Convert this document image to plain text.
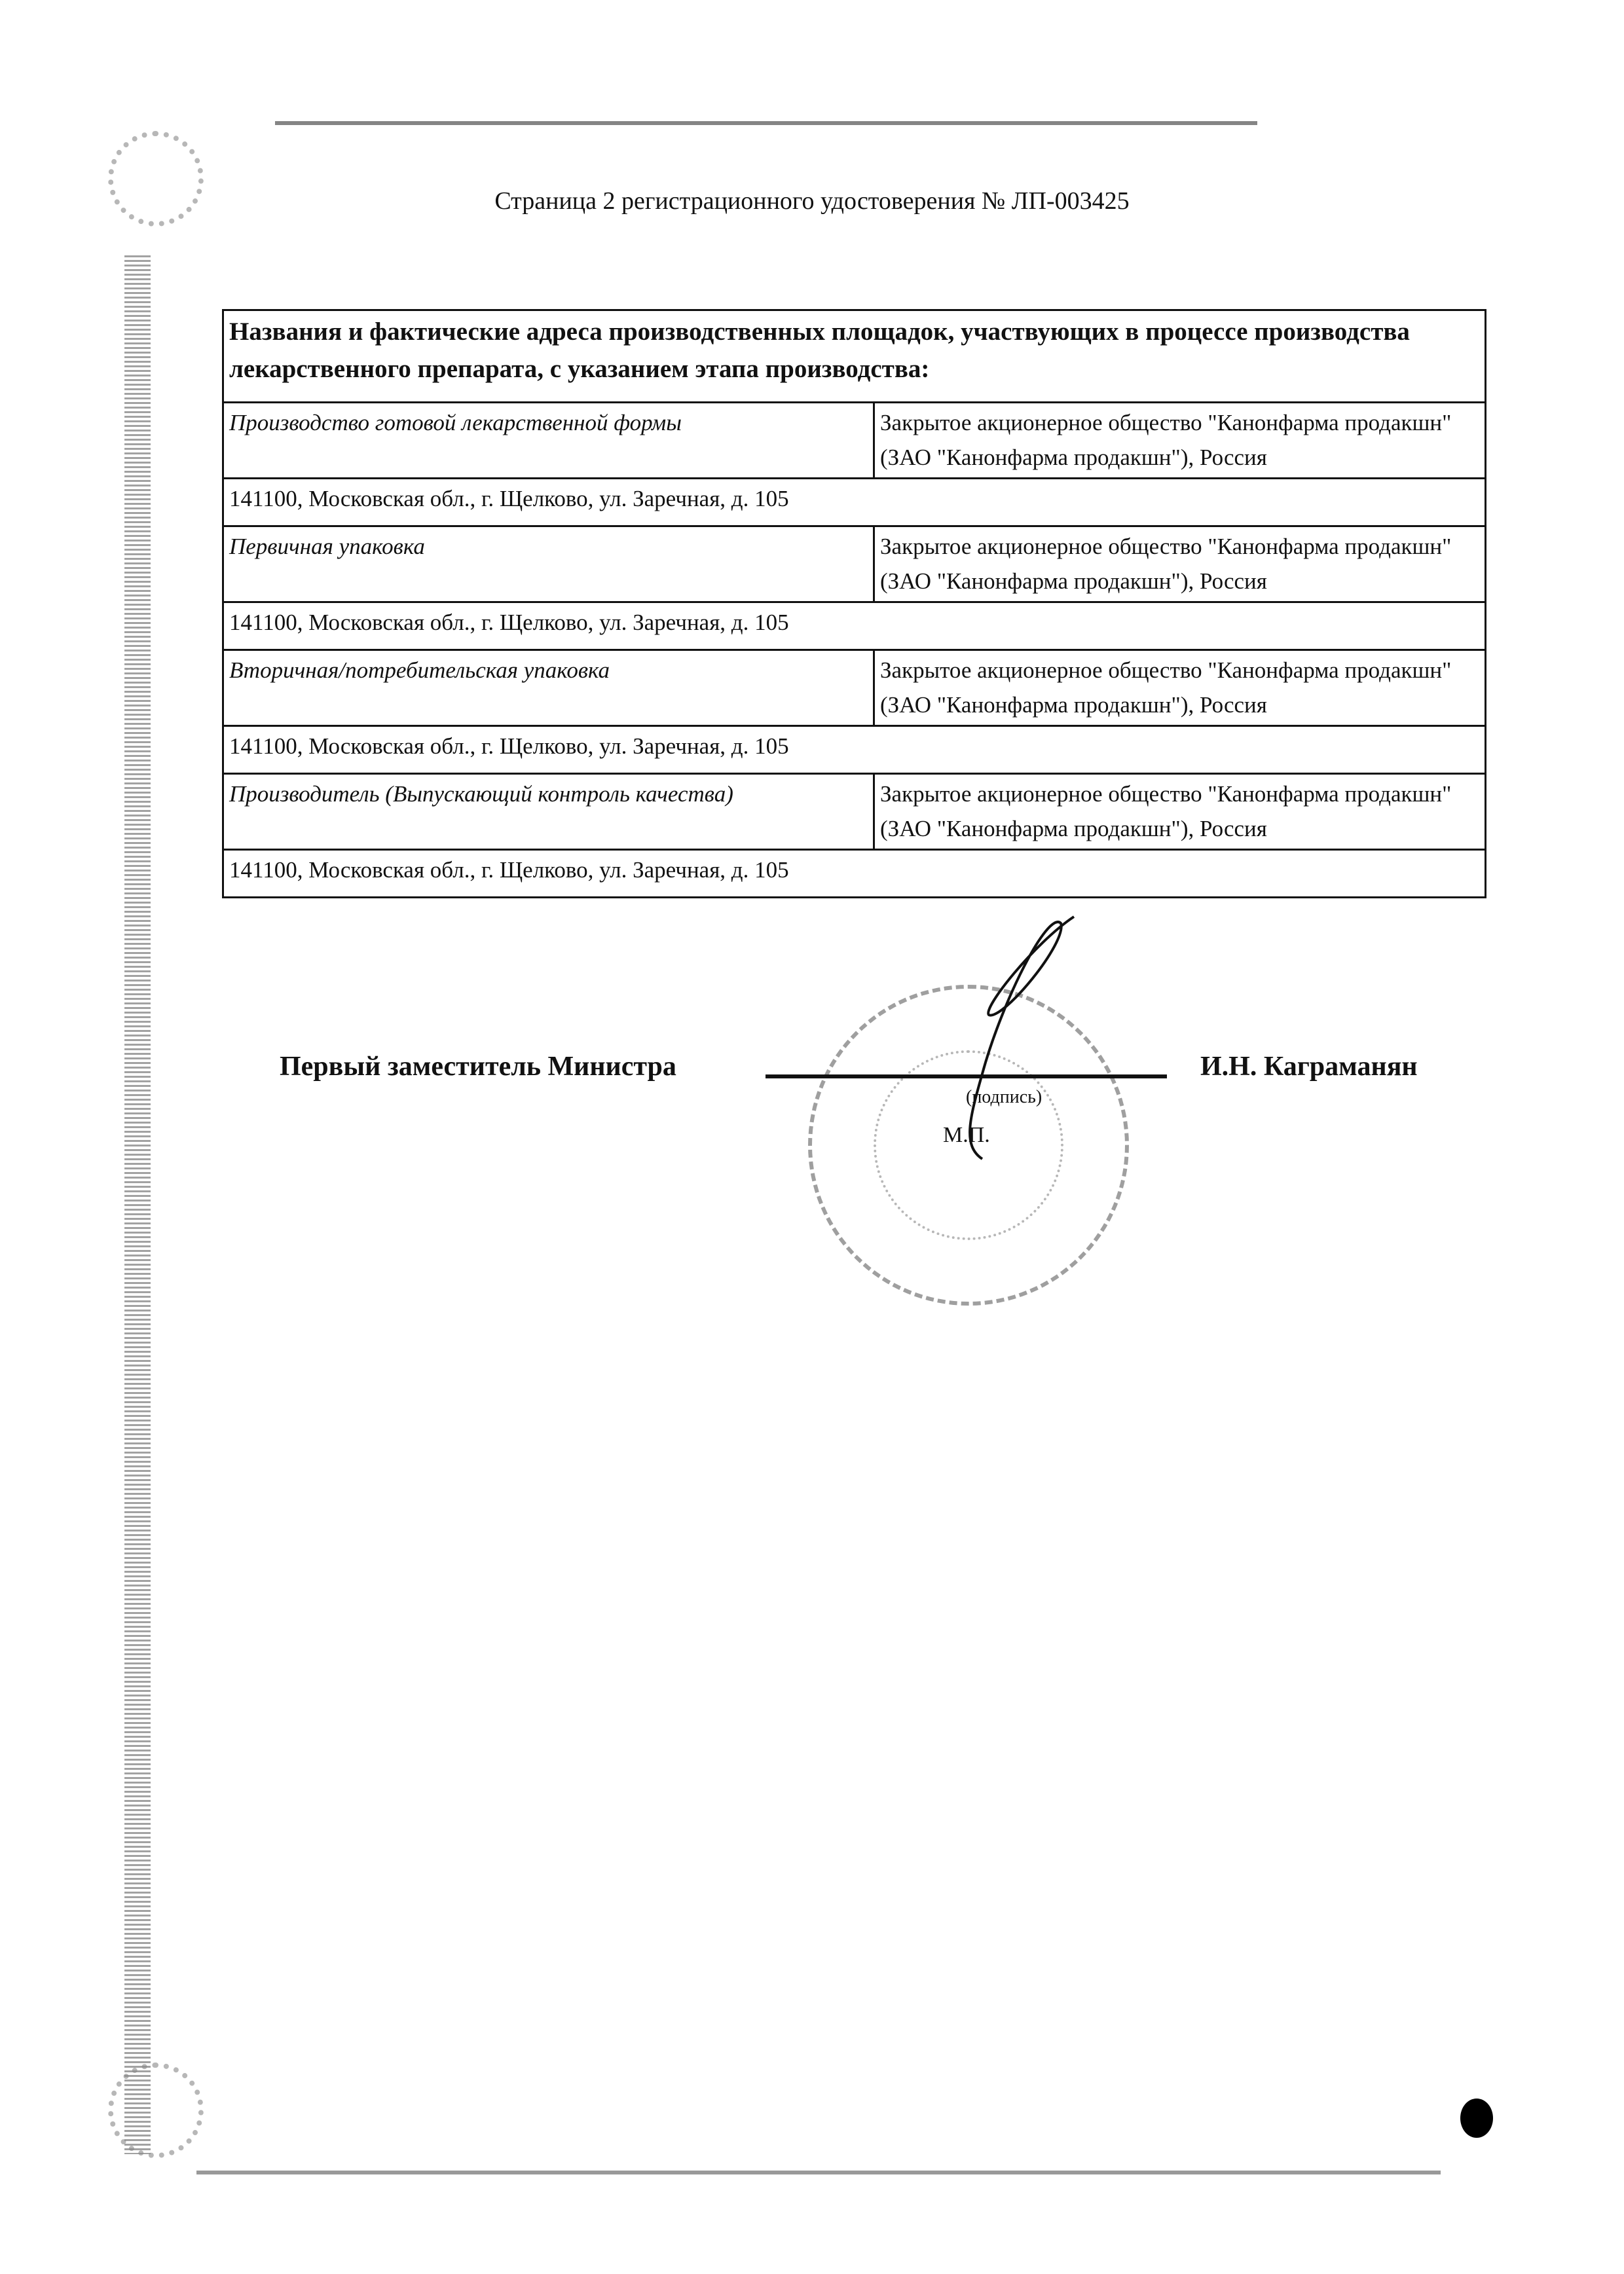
Страница 2 регистрационного удостоверения № ЛП-003425
Названия и фактические адреса производственных площадок, участвующих в процессе производства лекарственного препарата, с указанием этапа производства:	
Производство готовой лекарственной формы	Закрытое акционерное общество "Канонфарма продакшн" (ЗАО "Канонфарма продакшн"), Россия
141100, Московская обл., г. Щелково, ул. Заречная, д. 105	
Первичная упаковка	Закрытое акционерное общество "Канонфарма продакшн" (ЗАО "Канонфарма продакшн"), Россия
141100, Московская обл., г. Щелково, ул. Заречная, д. 105	
Вторичная/потребительская упаковка	Закрытое акционерное общество "Канонфарма продакшн" (ЗАО "Канонфарма продакшн"), Россия
141100, Московская обл., г. Щелково, ул. Заречная, д. 105	
Производитель (Выпускающий контроль качества)	Закрытое акционерное общество "Канонфарма продакшн" (ЗАО "Канонфарма продакшн"), Россия
141100, Московская обл., г. Щелково, ул. Заречная, д. 105	
Первый заместитель Министра	И.Н. Каграманян
(подпись)
М.П.
